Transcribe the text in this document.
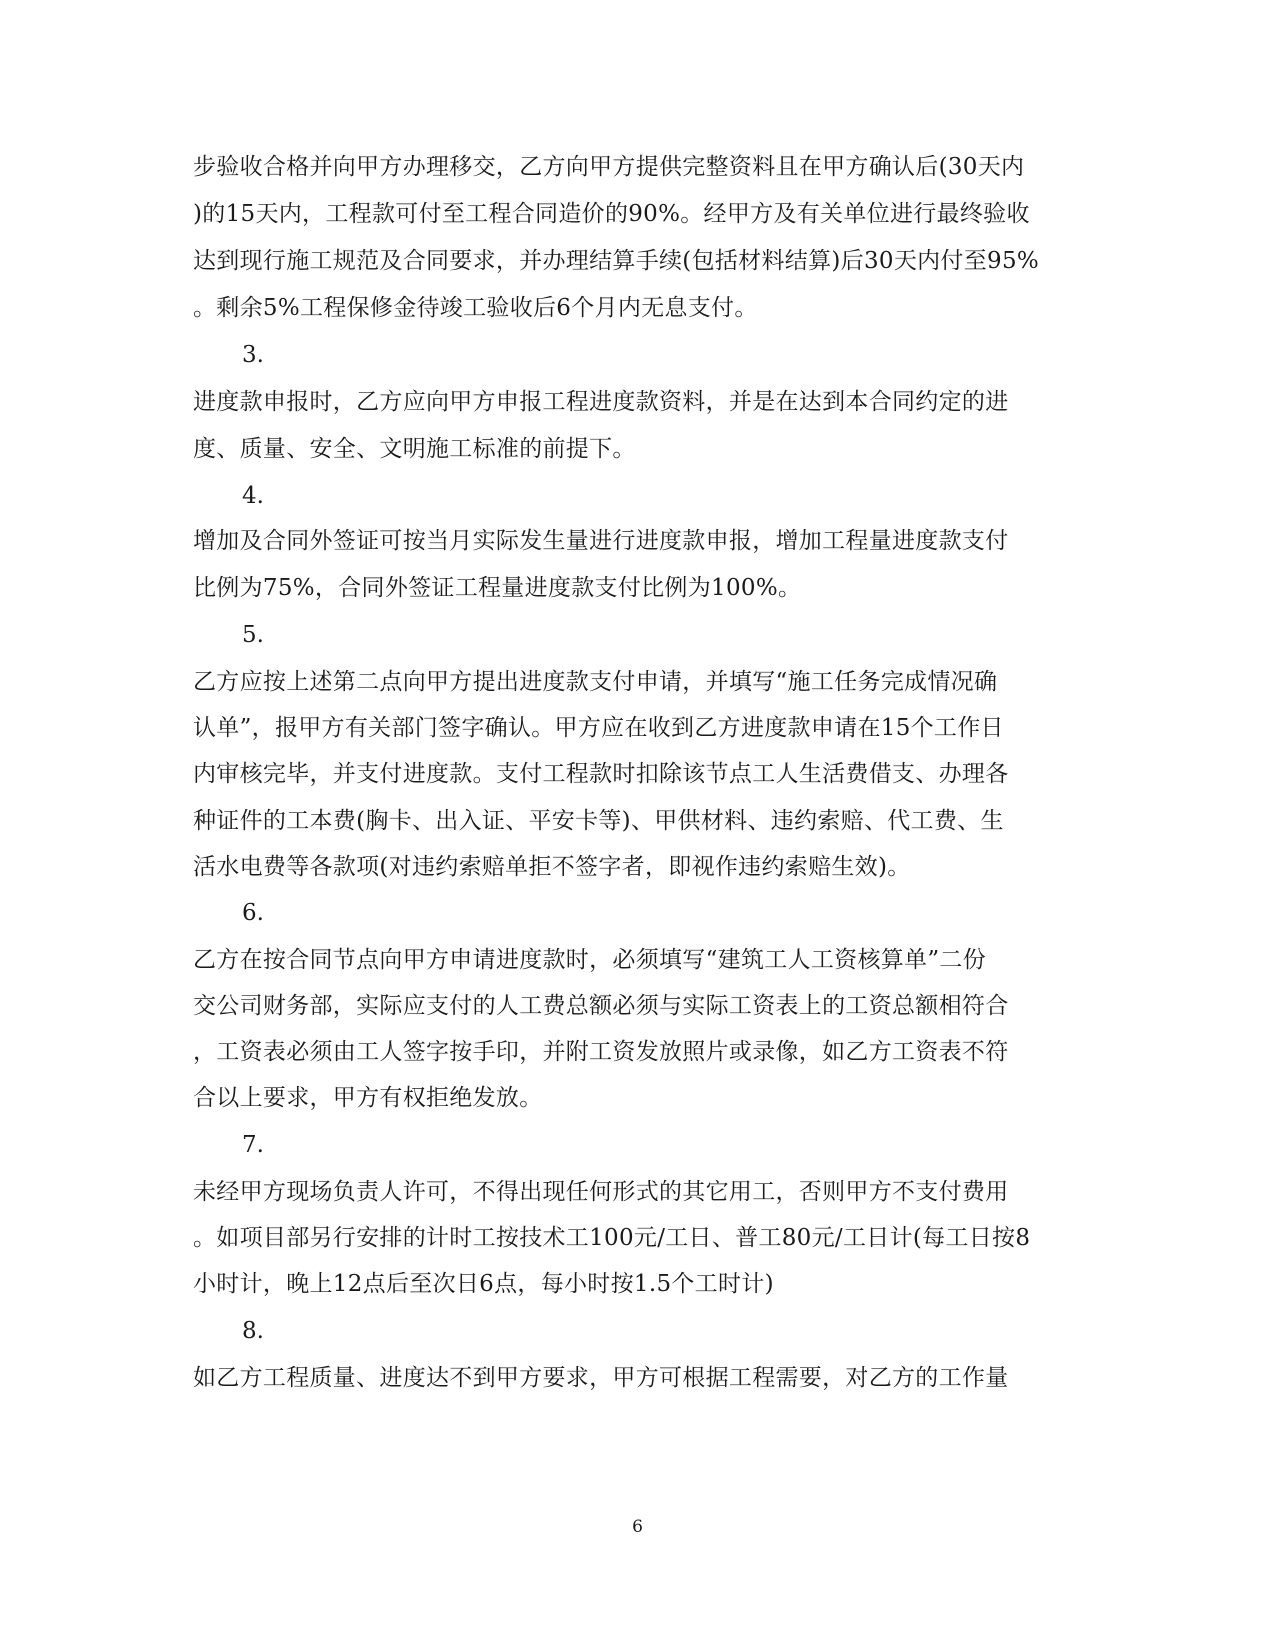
步验收合格并向甲方办理移交，乙方向甲方提供完整资料且在甲方确认后(30天内
)的15天内，工程款可付至工程合同造价的90%。经甲方及有关单位进行最终验收
达到现行施工规范及合同要求，并办理结算手续(包括材料结算)后30天内付至95%
。剩余5%工程保修金待竣工验收后6个月内无息支付。
3.
进度款申报时，乙方应向甲方申报工程进度款资料，并是在达到本合同约定的进
度、质量、安全、文明施工标准的前提下。
4.
增加及合同外签证可按当月实际发生量进行进度款申报，增加工程量进度款支付
比例为75%，合同外签证工程量进度款支付比例为100%。
5.
乙方应按上述第二点向甲方提出进度款支付申请，并填写“施工任务完成情况确
认单”，报甲方有关部门签字确认。甲方应在收到乙方进度款申请在15个工作日
内审核完毕，并支付进度款。支付工程款时扣除该节点工人生活费借支、办理各
种证件的工本费(胸卡、出入证、平安卡等)、甲供材料、违约索赔、代工费、生
活水电费等各款项(对违约索赔单拒不签字者，即视作违约索赔生效)。
6.
乙方在按合同节点向甲方申请进度款时，必须填写“建筑工人工资核算单”二份
交公司财务部，实际应支付的人工费总额必须与实际工资表上的工资总额相符合
，工资表必须由工人签字按手印，并附工资发放照片或录像，如乙方工资表不符
合以上要求，甲方有权拒绝发放。
7.
未经甲方现场负责人许可，不得出现任何形式的其它用工，否则甲方不支付费用
。如项目部另行安排的计时工按技术工100元/工日、普工80元/工日计(每工日按8
小时计，晚上12点后至次日6点，每小时按1.5个工时计)
8.
如乙方工程质量、进度达不到甲方要求，甲方可根据工程需要，对乙方的工作量
6
